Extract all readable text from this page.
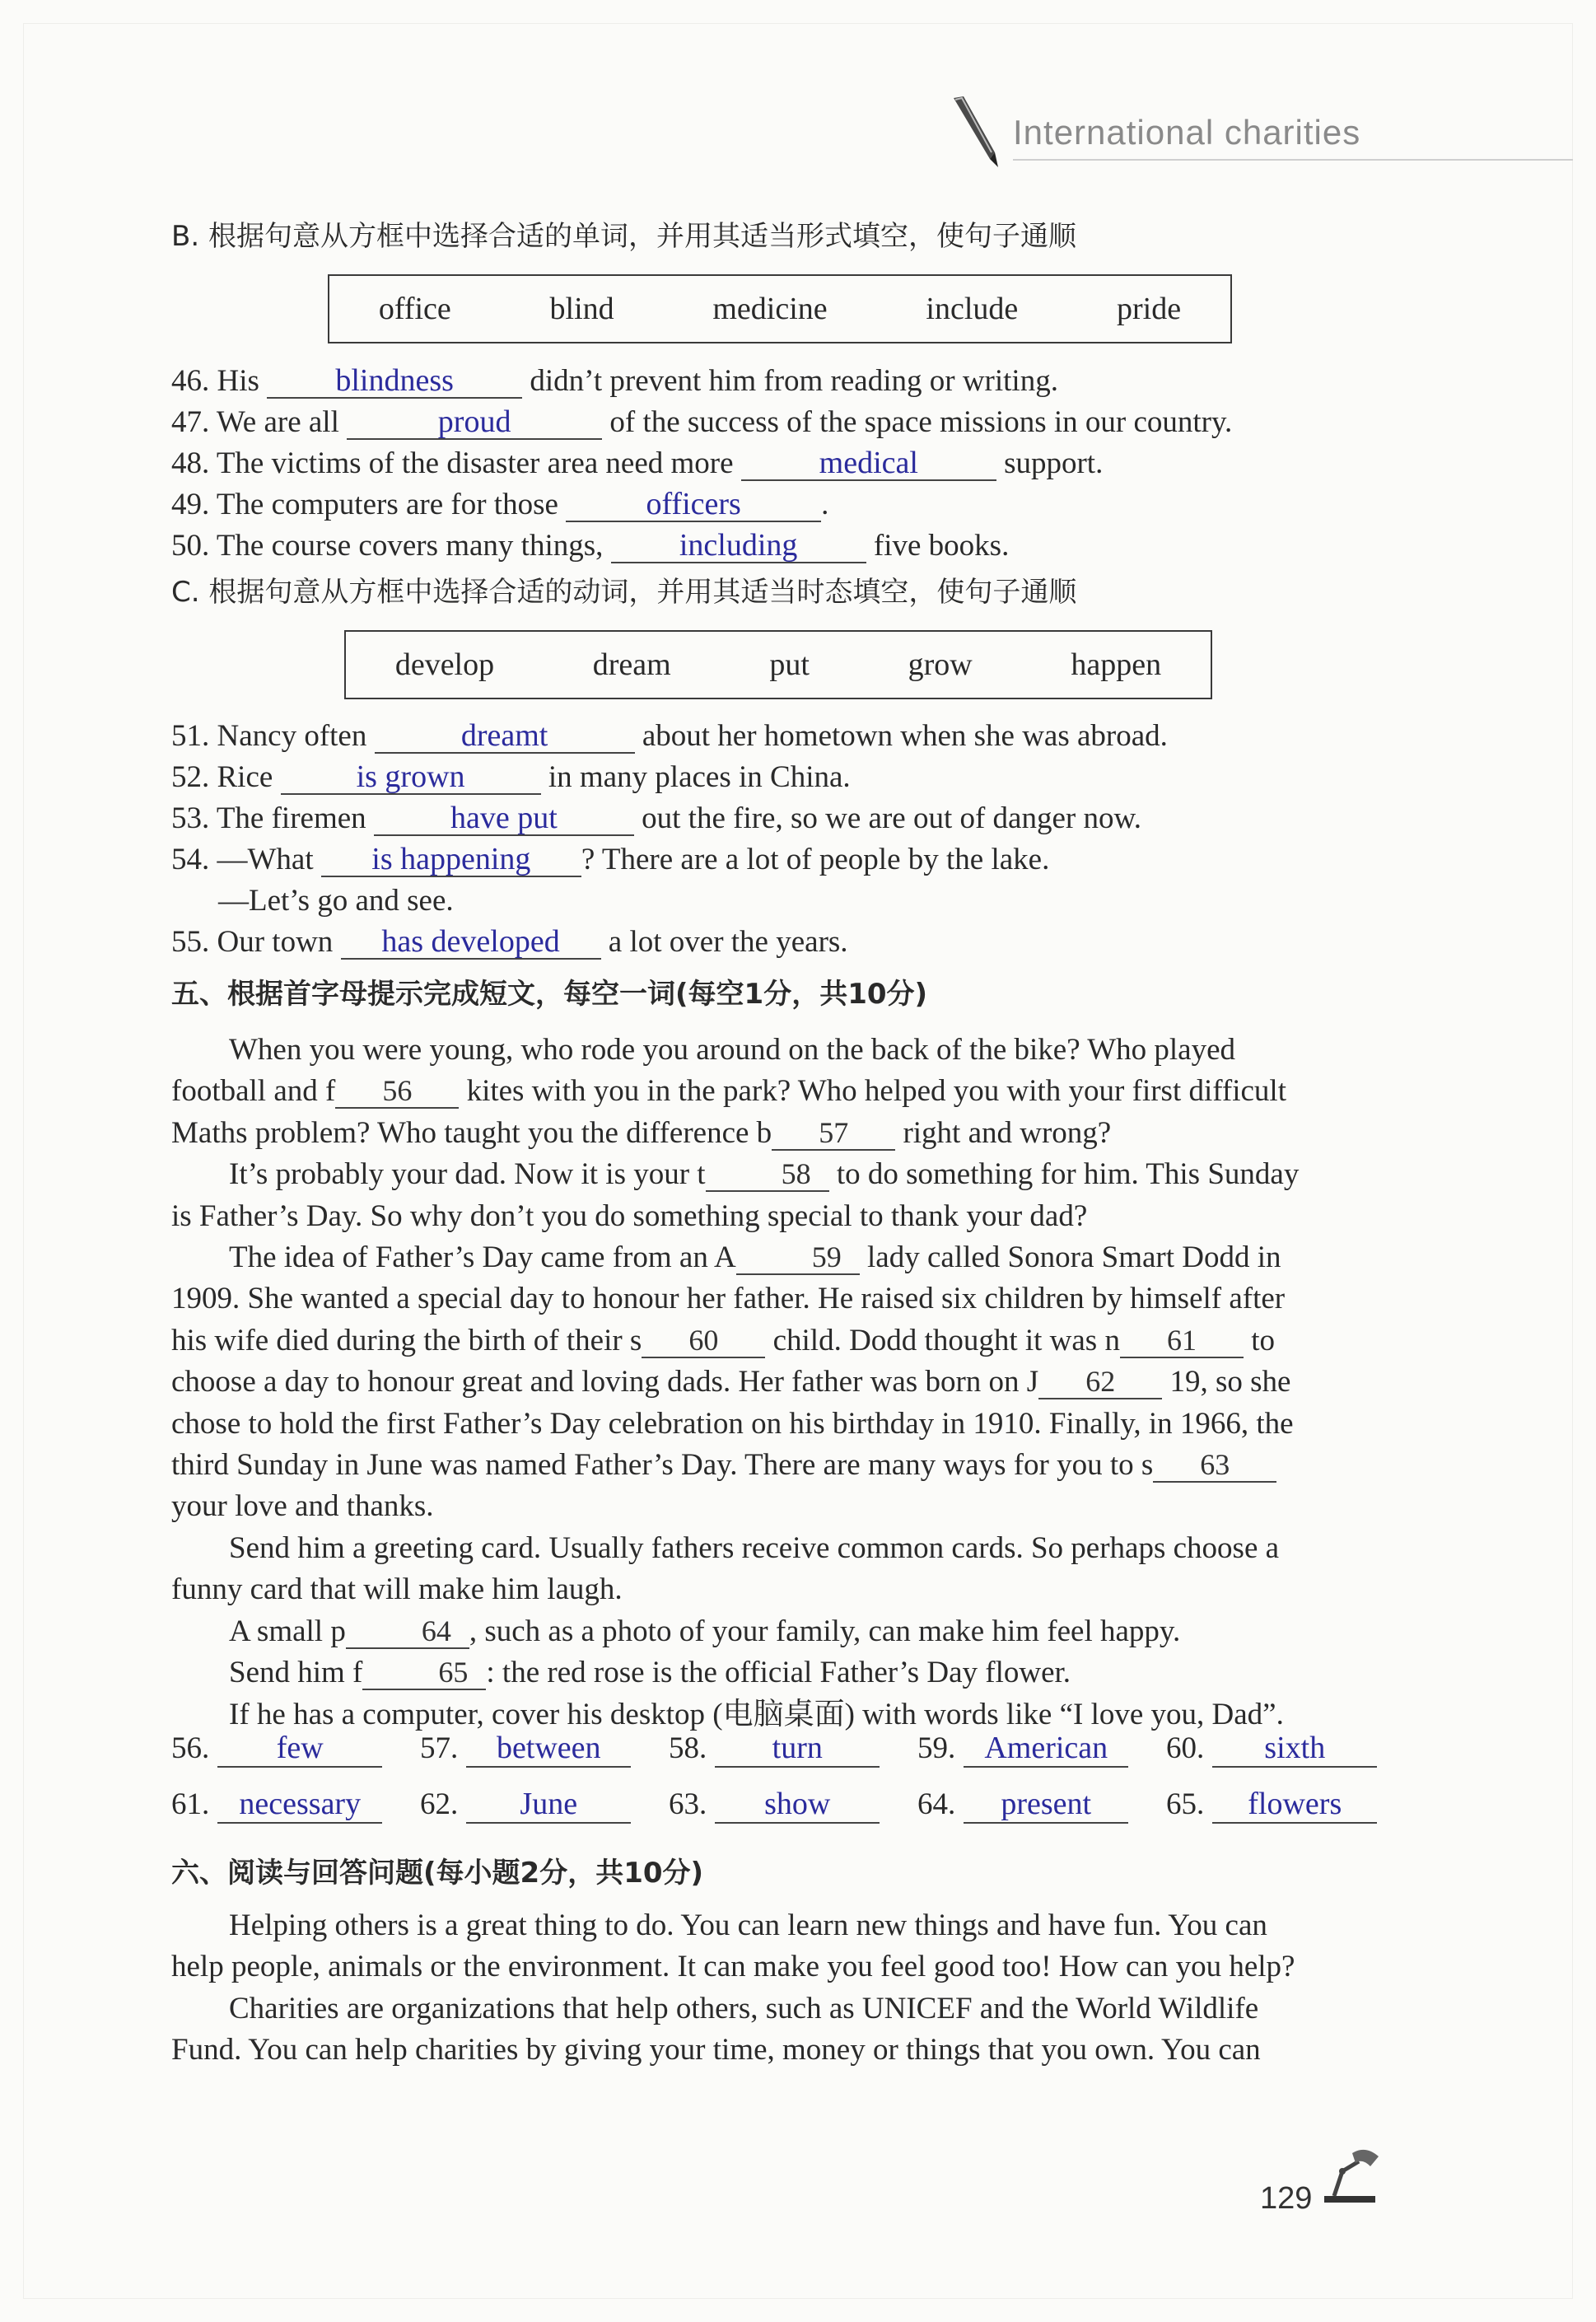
International charities
B. 根据句意从方框中选择合适的单词，并用其适当形式填空，使句子通顺
office	blind	medicine	include	pride
46. His blindness didn’t prevent him from reading or writing.
47. We are all	proud	of the success of the space missions in our country.
48. The victims of the disaster area need more	medical	support.
49. The computers are for those	officers	.
50. The course covers many things, including five books.
C. 根据句意从方框中选择合适的动词，并用其适当时态填空，使句子通顺
develop	dream	put	grow	happen
51. Nancy often	dreamt	about her hometown when she was abroad.
52. Rice	is grown	in many places in China.
53. The firemen	have put	out the fire, so we are out of danger now.
54. —What is happening ? There are a lot of people by the lake.
—Let’s go and see.
55. Our town has developed a lot over the years.
五、根据首字母提示完成短文，每空一词(每空1分，共10分)
When you were young, who rode you around on the back of the bike? Who played
football and f 56 kites with you in the park? Who helped you with your first difficult
Maths problem? Who taught you the difference b 57 right and wrong?
It’s probably your dad. Now it is your t	58 to do something for him. This Sunday
is Father’s Day. So why don’t you do something special to thank your dad?
The idea of Father’s Day came from an A	59 lady called Sonora Smart Dodd in
1909. She wanted a special day to honour her father. He raised six children by himself after
his wife died during the birth of their s 60 child. Dodd thought it was n 61 to
choose a day to honour great and loving dads. Her father was born on J 62 19, so she
chose to hold the first Father’s Day celebration on his birthday in 1910. Finally, in 1966, the
third Sunday in June was named Father’s Day. There are many ways for you to s 63
your love and thanks.
Send him a greeting card. Usually fathers receive common cards. So perhaps choose a
funny card that will make him laugh.
A small p	64 , such as a photo of your family, can make him feel happy.
Send him f	65 : the red rose is the official Father’s Day flower.
If he has a computer, cover his desktop (电脑桌面) with words like “I love you, Dad”.
56.	few	57.	between	58.	turn	59. American	60.	sixth
61. necessary	62.	June	63.	show	64.	present	65.	flowers
六、阅读与回答问题(每小题2分，共10分)
Helping others is a great thing to do. You can learn new things and have fun. You can
help people, animals or the environment. It can make you feel good too! How can you help?
Charities are organizations that help others, such as UNICEF and the World Wildlife
Fund. You can help charities by giving your time, money or things that you own. You can
129
